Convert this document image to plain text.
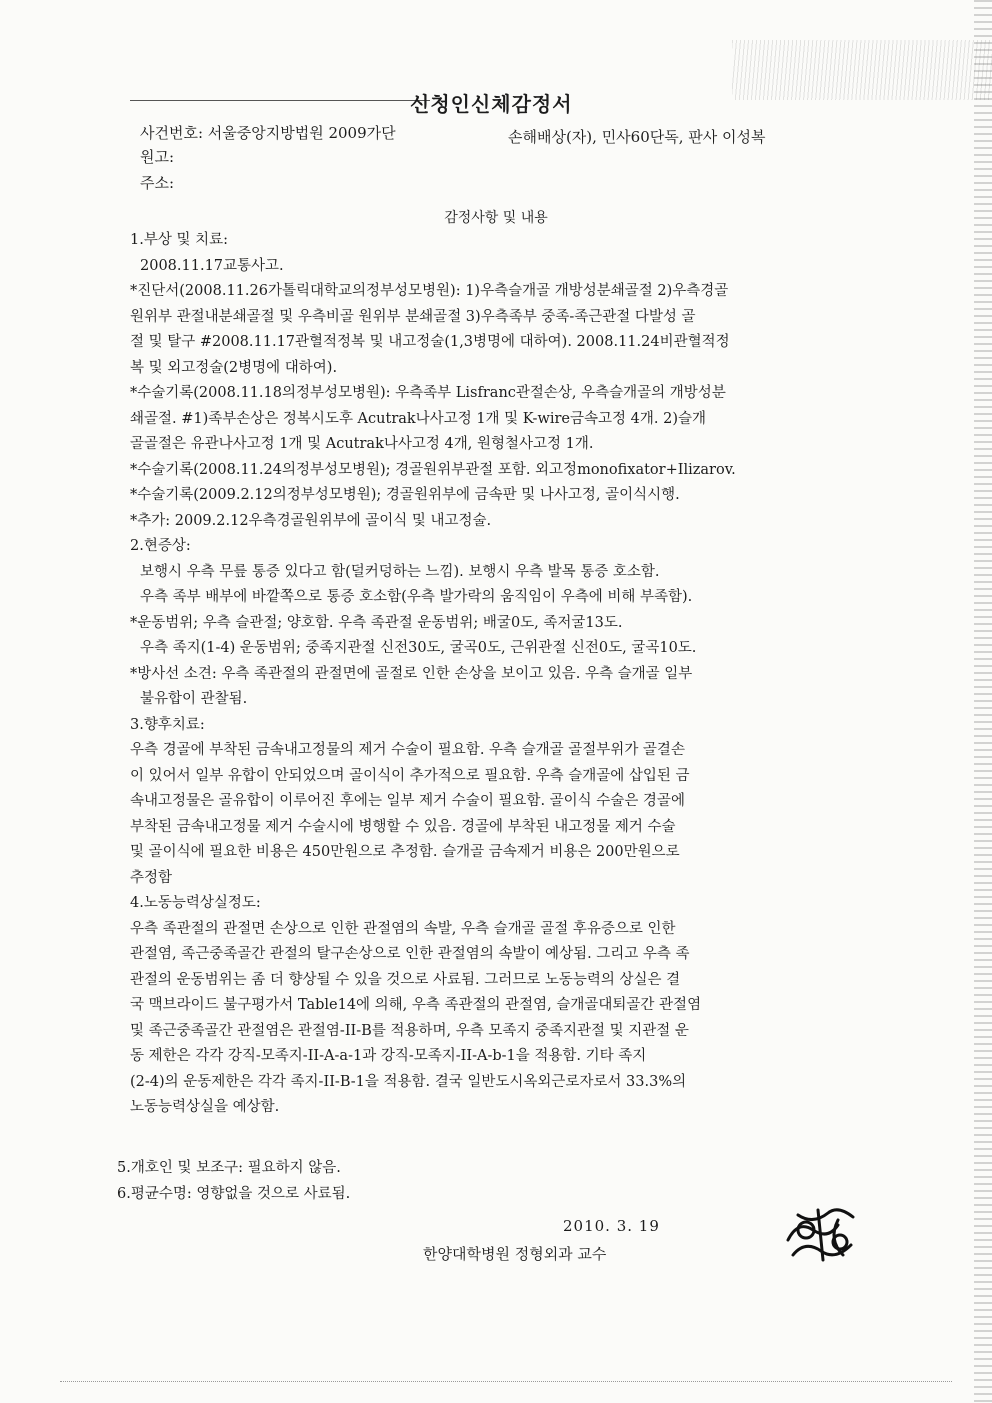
신청인신체감정서
사건번호: 서울중앙지방법원 2009가단	손해배상(자), 민사60단독, 판사 이성복
원고:
주소:
감정사항 및 내용
1.부상 및 치료:
2008.11.17교통사고.
*진단서(2008.11.26가톨릭대학교의정부성모병원): 1)우측슬개골 개방성분쇄골절 2)우측경골
원위부 관절내분쇄골절 및 우측비골 원위부 분쇄골절 3)우측족부 중족-족근관절 다발성 골
절 및 탈구 #2008.11.17관혈적정복 및 내고정술(1,3병명에 대하여). 2008.11.24비관혈적정
복 및 외고정술(2병명에 대하여).
*수술기록(2008.11.18의정부성모병원): 우측족부 Lisfranc관절손상, 우측슬개골의 개방성분
쇄골절. #1)족부손상은 정복시도후 Acutrak나사고정 1개 및 K-wire금속고정 4개. 2)슬개
골골절은 유관나사고정 1개 및 Acutrak나사고정 4개, 원형철사고정 1개.
*수술기록(2008.11.24의정부성모병원); 경골원위부관절 포함. 외고정monofixator+Ilizarov.
*수술기록(2009.2.12의정부성모병원); 경골원위부에 금속판 및 나사고정, 골이식시행.
*추가: 2009.2.12우측경골원위부에 골이식 및 내고정술.
2.현증상:
보행시 우측 무릎 통증 있다고 함(덜커덩하는 느낌). 보행시 우측 발목 통증 호소함.
우측 족부 배부에 바깥쪽으로 통증 호소함(우측 발가락의 움직임이 우측에 비해 부족함).
*운동범위; 우측 슬관절; 양호함. 우측 족관절 운동범위; 배굴0도, 족저굴13도.
우측 족지(1-4) 운동범위; 중족지관절 신전30도, 굴곡0도, 근위관절 신전0도, 굴곡10도.
*방사선 소견: 우측 족관절의 관절면에 골절로 인한 손상을 보이고 있음. 우측 슬개골 일부
불유합이 관찰됨.
3.향후치료:
우측 경골에 부착된 금속내고정물의 제거 수술이 필요함. 우측 슬개골 골절부위가 골결손
이 있어서 일부 유합이 안되었으며 골이식이 추가적으로 필요함. 우측 슬개골에 삽입된 금
속내고정물은 골유합이 이루어진 후에는 일부 제거 수술이 필요함. 골이식 수술은 경골에
부착된 금속내고정물 제거 수술시에 병행할 수 있음. 경골에 부착된 내고정물 제거 수술
및 골이식에 필요한 비용은 450만원으로 추정함. 슬개골 금속제거 비용은 200만원으로
추정함
4.노동능력상실정도:
우측 족관절의 관절면 손상으로 인한 관절염의 속발, 우측 슬개골 골절 후유증으로 인한
관절염, 족근중족골간 관절의 탈구손상으로 인한 관절염의 속발이 예상됨. 그리고 우측 족
관절의 운동범위는 좀 더 향상될 수 있을 것으로 사료됨. 그러므로 노동능력의 상실은 결
국 맥브라이드 불구평가서 Table14에 의해, 우측 족관절의 관절염, 슬개골대퇴골간 관절염
및 족근중족골간 관절염은 관절염-II-B를 적용하며, 우측 모족지 중족지관절 및 지관절 운
동 제한은 각각 강직-모족지-II-A-a-1과 강직-모족지-II-A-b-1을 적용함. 기타 족지
(2-4)의 운동제한은 각각 족지-II-B-1을 적용함. 결국 일반도시옥외근로자로서 33.3%의
노동능력상실을 예상함.
5.개호인 및 보조구: 필요하지 않음.
6.평균수명: 영향없을 것으로 사료됨.
2010. 3. 19
한양대학병원 정형외과 교수
